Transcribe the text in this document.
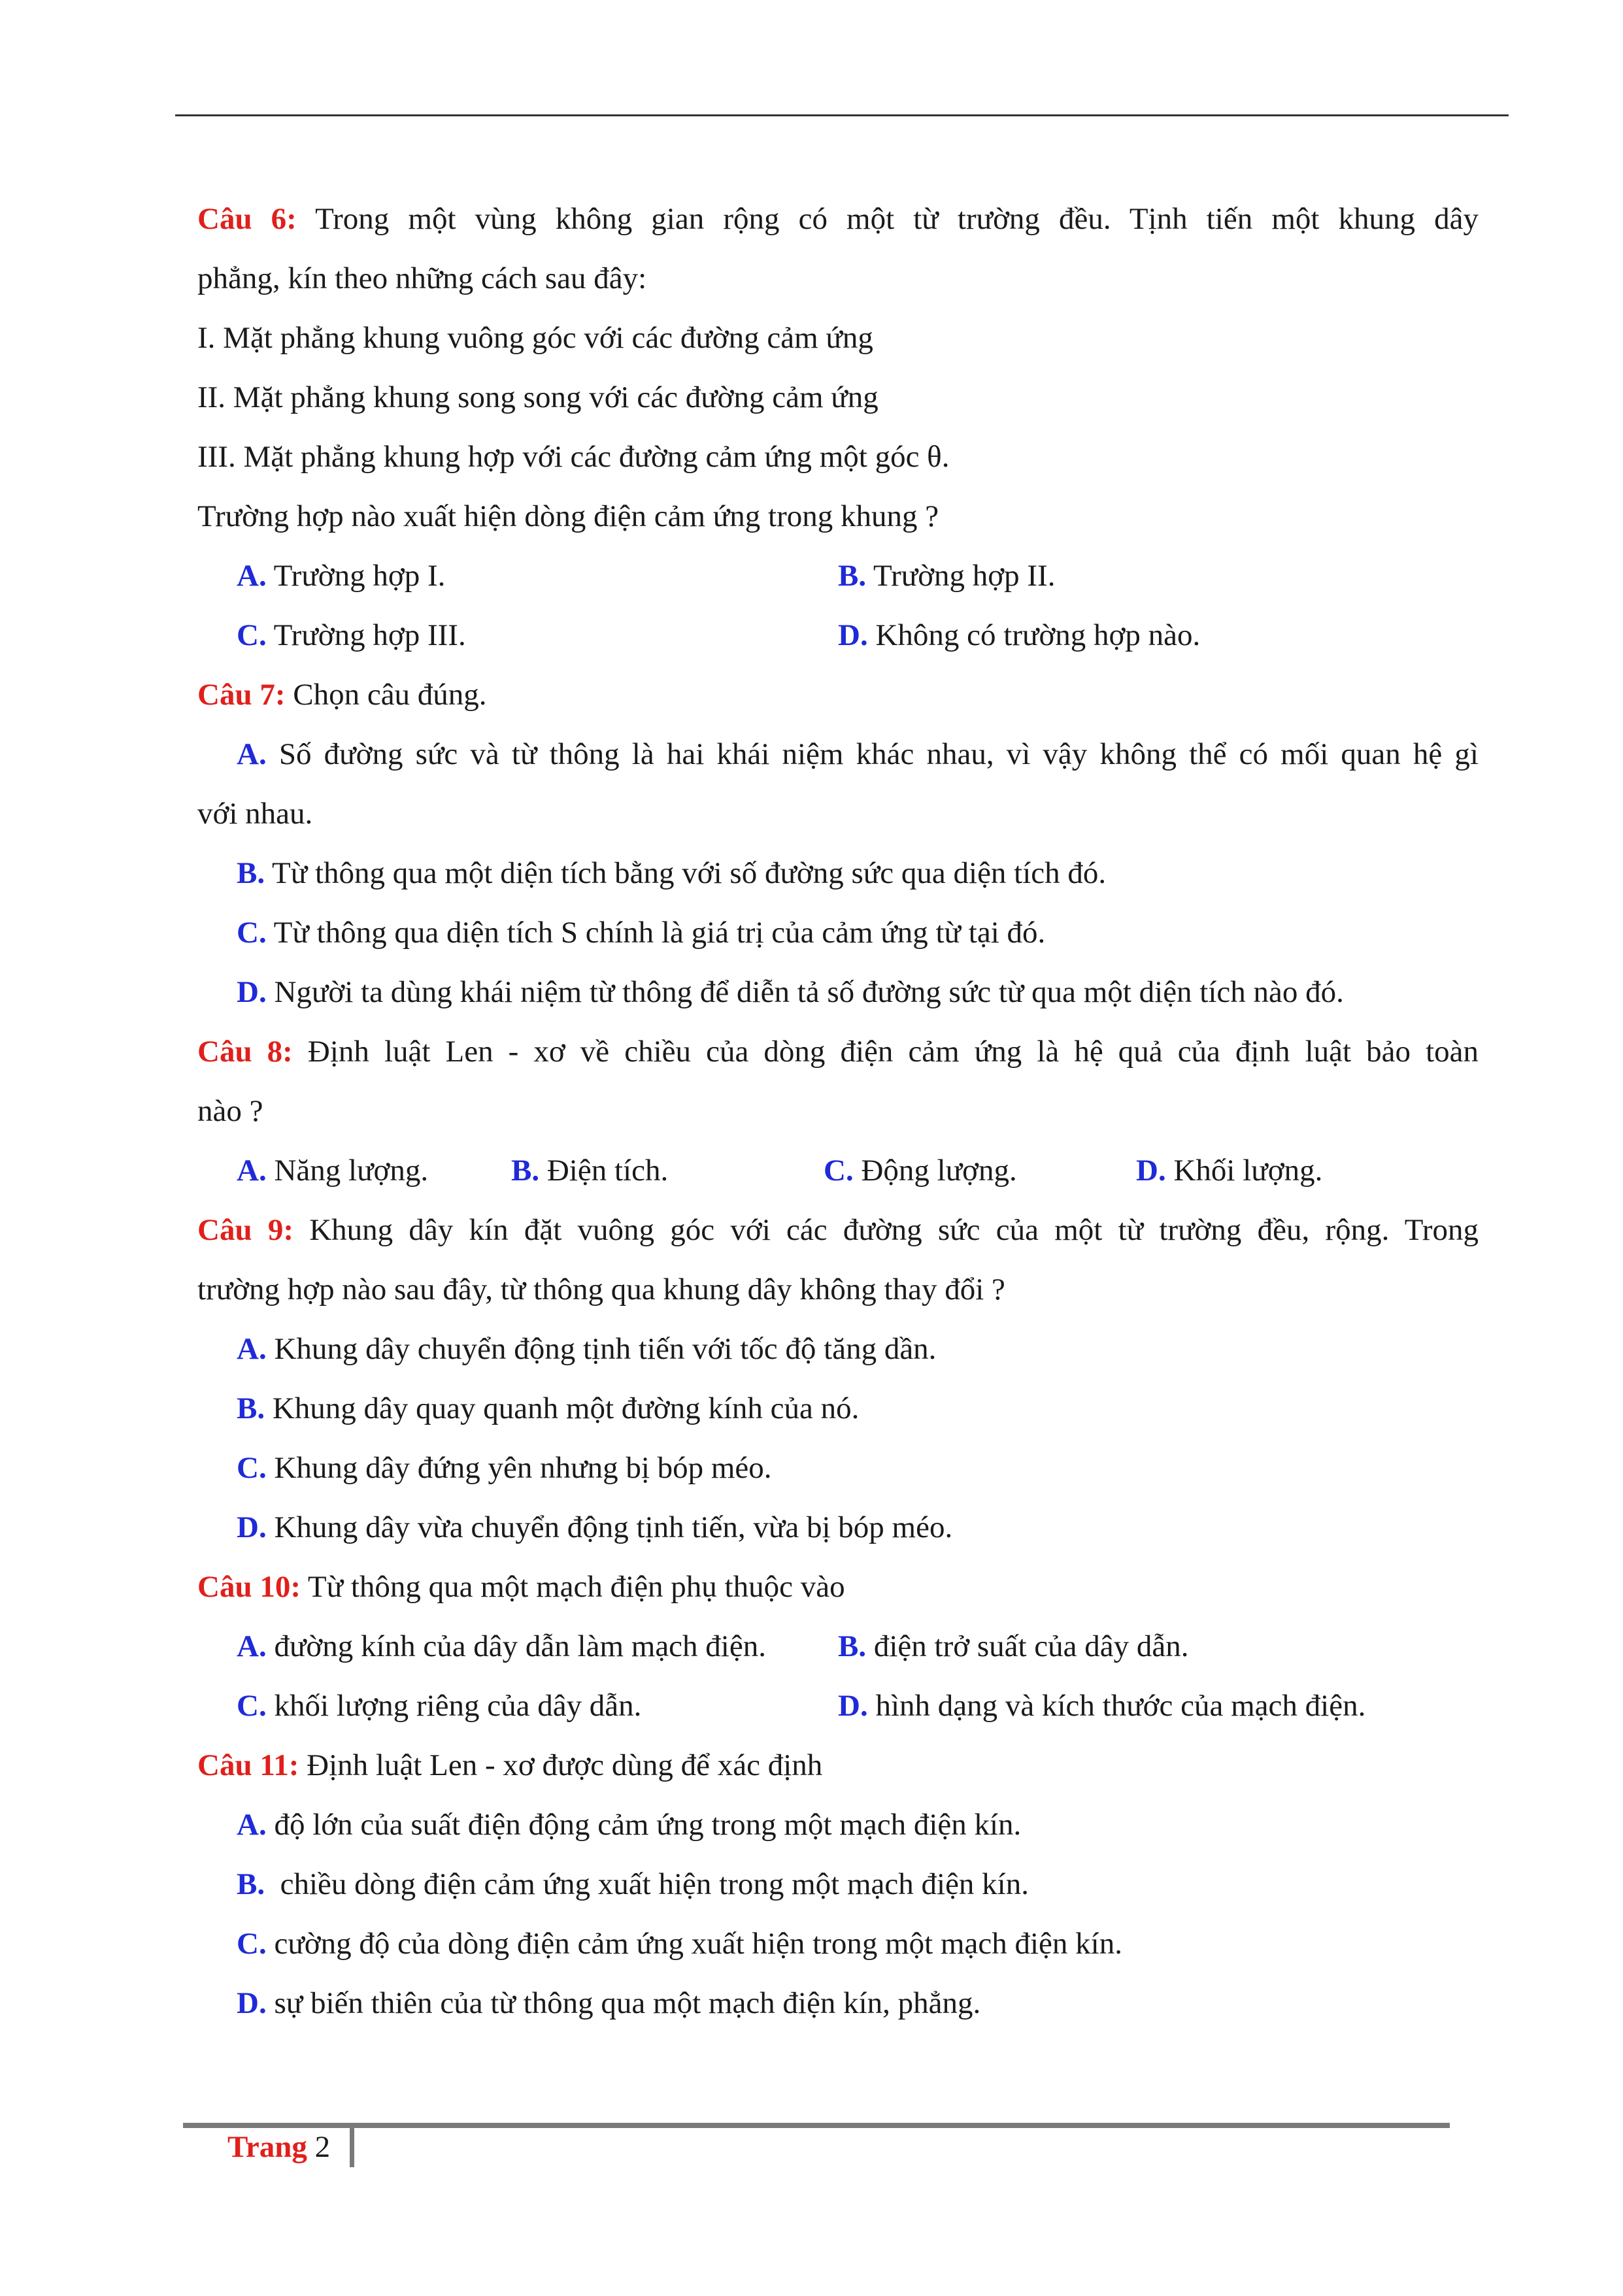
Câu 6: Trong một vùng không gian rộng có một từ trường đều. Tịnh tiến một khung dây
phẳng, kín theo những cách sau đây:
I. Mặt phẳng khung vuông góc với các đường cảm ứng
II. Mặt phẳng khung song song với các đường cảm ứng
III. Mặt phẳng khung hợp với các đường cảm ứng một góc θ.
Trường hợp nào xuất hiện dòng điện cảm ứng trong khung ?
A. Trường hợp I.	B. Trường hợp II.
C. Trường hợp III.	D. Không có trường hợp nào.
Câu 7: Chọn câu đúng.
A. Số đường sức và từ thông là hai khái niệm khác nhau, vì vậy không thể có mối quan hệ gì
với nhau.
B. Từ thông qua một diện tích bằng với số đường sức qua diện tích đó.
C. Từ thông qua diện tích S chính là giá trị của cảm ứng từ tại đó.
D. Người ta dùng khái niệm từ thông để diễn tả số đường sức từ qua một diện tích nào đó.
Câu 8: Định luật Len - xơ về chiều của dòng điện cảm ứng là hệ quả của định luật bảo toàn
nào ?
A. Năng lượng.	B. Điện tích.	C. Động lượng.	D. Khối lượng.
Câu 9: Khung dây kín đặt vuông góc với các đường sức của một từ trường đều, rộng. Trong
trường hợp nào sau đây, từ thông qua khung dây không thay đổi ?
A. Khung dây chuyển động tịnh tiến với tốc độ tăng dần.
B. Khung dây quay quanh một đường kính của nó.
C. Khung dây đứng yên nhưng bị bóp méo.
D. Khung dây vừa chuyển động tịnh tiến, vừa bị bóp méo.
Câu 10: Từ thông qua một mạch điện phụ thuộc vào
A. đường kính của dây dẫn làm mạch điện.	B. điện trở suất của dây dẫn.
C. khối lượng riêng của dây dẫn.	D. hình dạng và kích thước của mạch điện.
Câu 11: Định luật Len - xơ được dùng để xác định
A. độ lớn của suất điện động cảm ứng trong một mạch điện kín.
B.  chiều dòng điện cảm ứng xuất hiện trong một mạch điện kín.
C. cường độ của dòng điện cảm ứng xuất hiện trong một mạch điện kín.
D. sự biến thiên của từ thông qua một mạch điện kín, phẳng.
Trang 2
